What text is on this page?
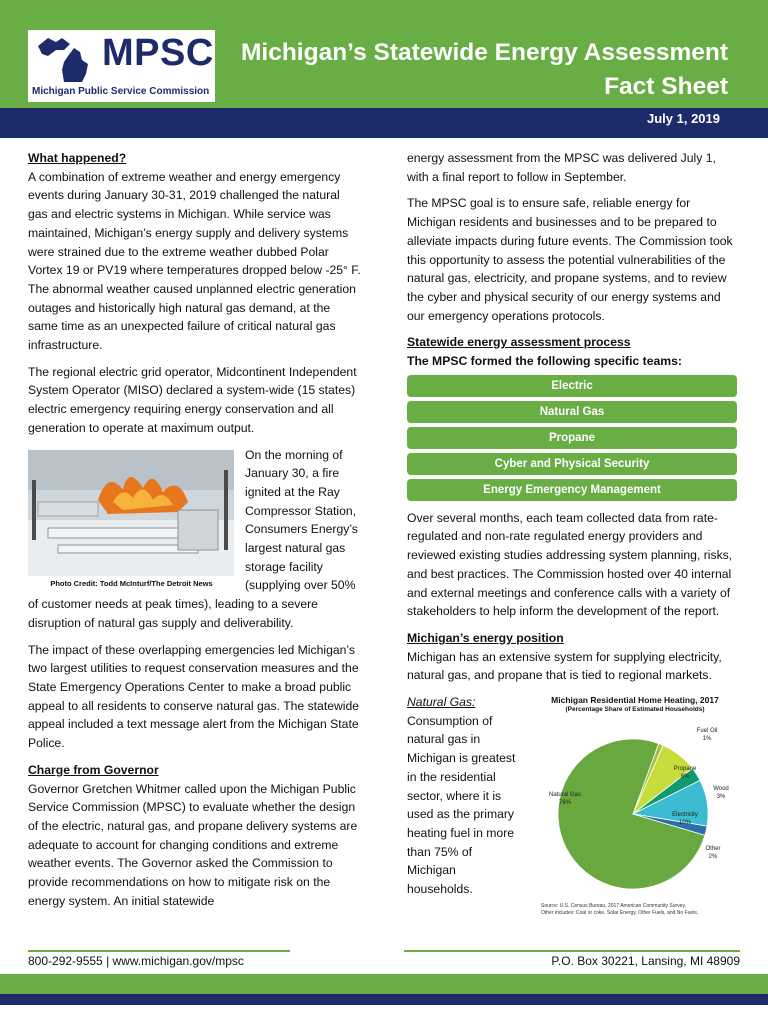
MPSC
Michigan Public Service Commission
Michigan’s Statewide Energy Assessment
Fact Sheet
July 1, 2019

What happened?

A combination of extreme weather and energy emergency events during January 30-31, 2019 challenged the natural gas and electric systems in Michigan. While service was maintained, Michigan’s energy supply and delivery systems were strained due to the extreme weather dubbed Polar Vortex 19 or PV19 where temperatures dropped below -25° F. The abnormal weather caused unplanned electric generation outages and historically high natural gas demand, at the same time as an unexpected failure of critical natural gas infrastructure.

The regional electric grid operator, Midcontinent Independent System Operator (MISO) declared a system-wide (15 states) electric emergency requiring energy conservation and all generation to operate at maximum output.

Photo Credit: Todd McInturf/The Detroit News
On the morning of January 30, a fire ignited at the Ray Compressor Station, Consumers Energy’s largest natural gas storage facility (supplying over 50% of customer needs at peak times), leading to a severe disruption of natural gas supply and deliverability.

The impact of these overlapping emergencies led Michigan’s two largest utilities to request conservation measures and the State Emergency Operations Center to make a broad public appeal to all residents to conserve natural gas. The statewide appeal included a text message alert from the Michigan State Police.

Charge from Governor

Governor Gretchen Whitmer called upon the Michigan Public Service Commission (MPSC) to evaluate whether the design of the electric, natural gas, and propane delivery systems are adequate to account for changing conditions and extreme weather events. The Governor asked the Commission to provide recommendations on how to mitigate risk on the energy system. An initial statewide

energy assessment from the MPSC was delivered July 1, with a final report to follow in September.

The MPSC goal is to ensure safe, reliable energy for Michigan residents and businesses and to be prepared to alleviate impacts during future events. The Commission took this opportunity to assess the potential vulnerabilities of the natural gas, electricity, and propane systems, and to review the cyber and physical security of our energy systems and our emergency operations protocols.

Statewide energy assessment process

The MPSC formed the following specific teams:

Electric
Natural Gas
Propane
Cyber and Physical Security
Energy Emergency Management

Over several months, each team collected data from rate-regulated and non-rate regulated energy providers and reviewed existing studies addressing system planning, risks, and best practices. The Commission hosted over 40 internal and external meetings and conference calls with a variety of stakeholders to help inform the development of the report.

Michigan’s energy position

Michigan has an extensive system for supplying electricity, natural gas, and propane that is tied to regional markets.

Natural Gas:
Consumption of natural gas in Michigan is greatest in the residential sector, where it is used as the primary heating fuel in more than 75% of Michigan households.
Michigan Residential Home Heating, 2017
(Percentage Share of Estimated Households)
Natural Gas 76%
Fuel Oil 1%
Propane 8%
Wood 3%
Electricity 10%
Other 2%
Source: U.S. Census Bureau, 2017 American Community Survey.
Other includes: Coal or coke, Solar Energy, Other Fuels, and No Fuels.
800-292-9555 | www.michigan.gov/mpsc	P.O. Box 30221, Lansing, MI 48909
